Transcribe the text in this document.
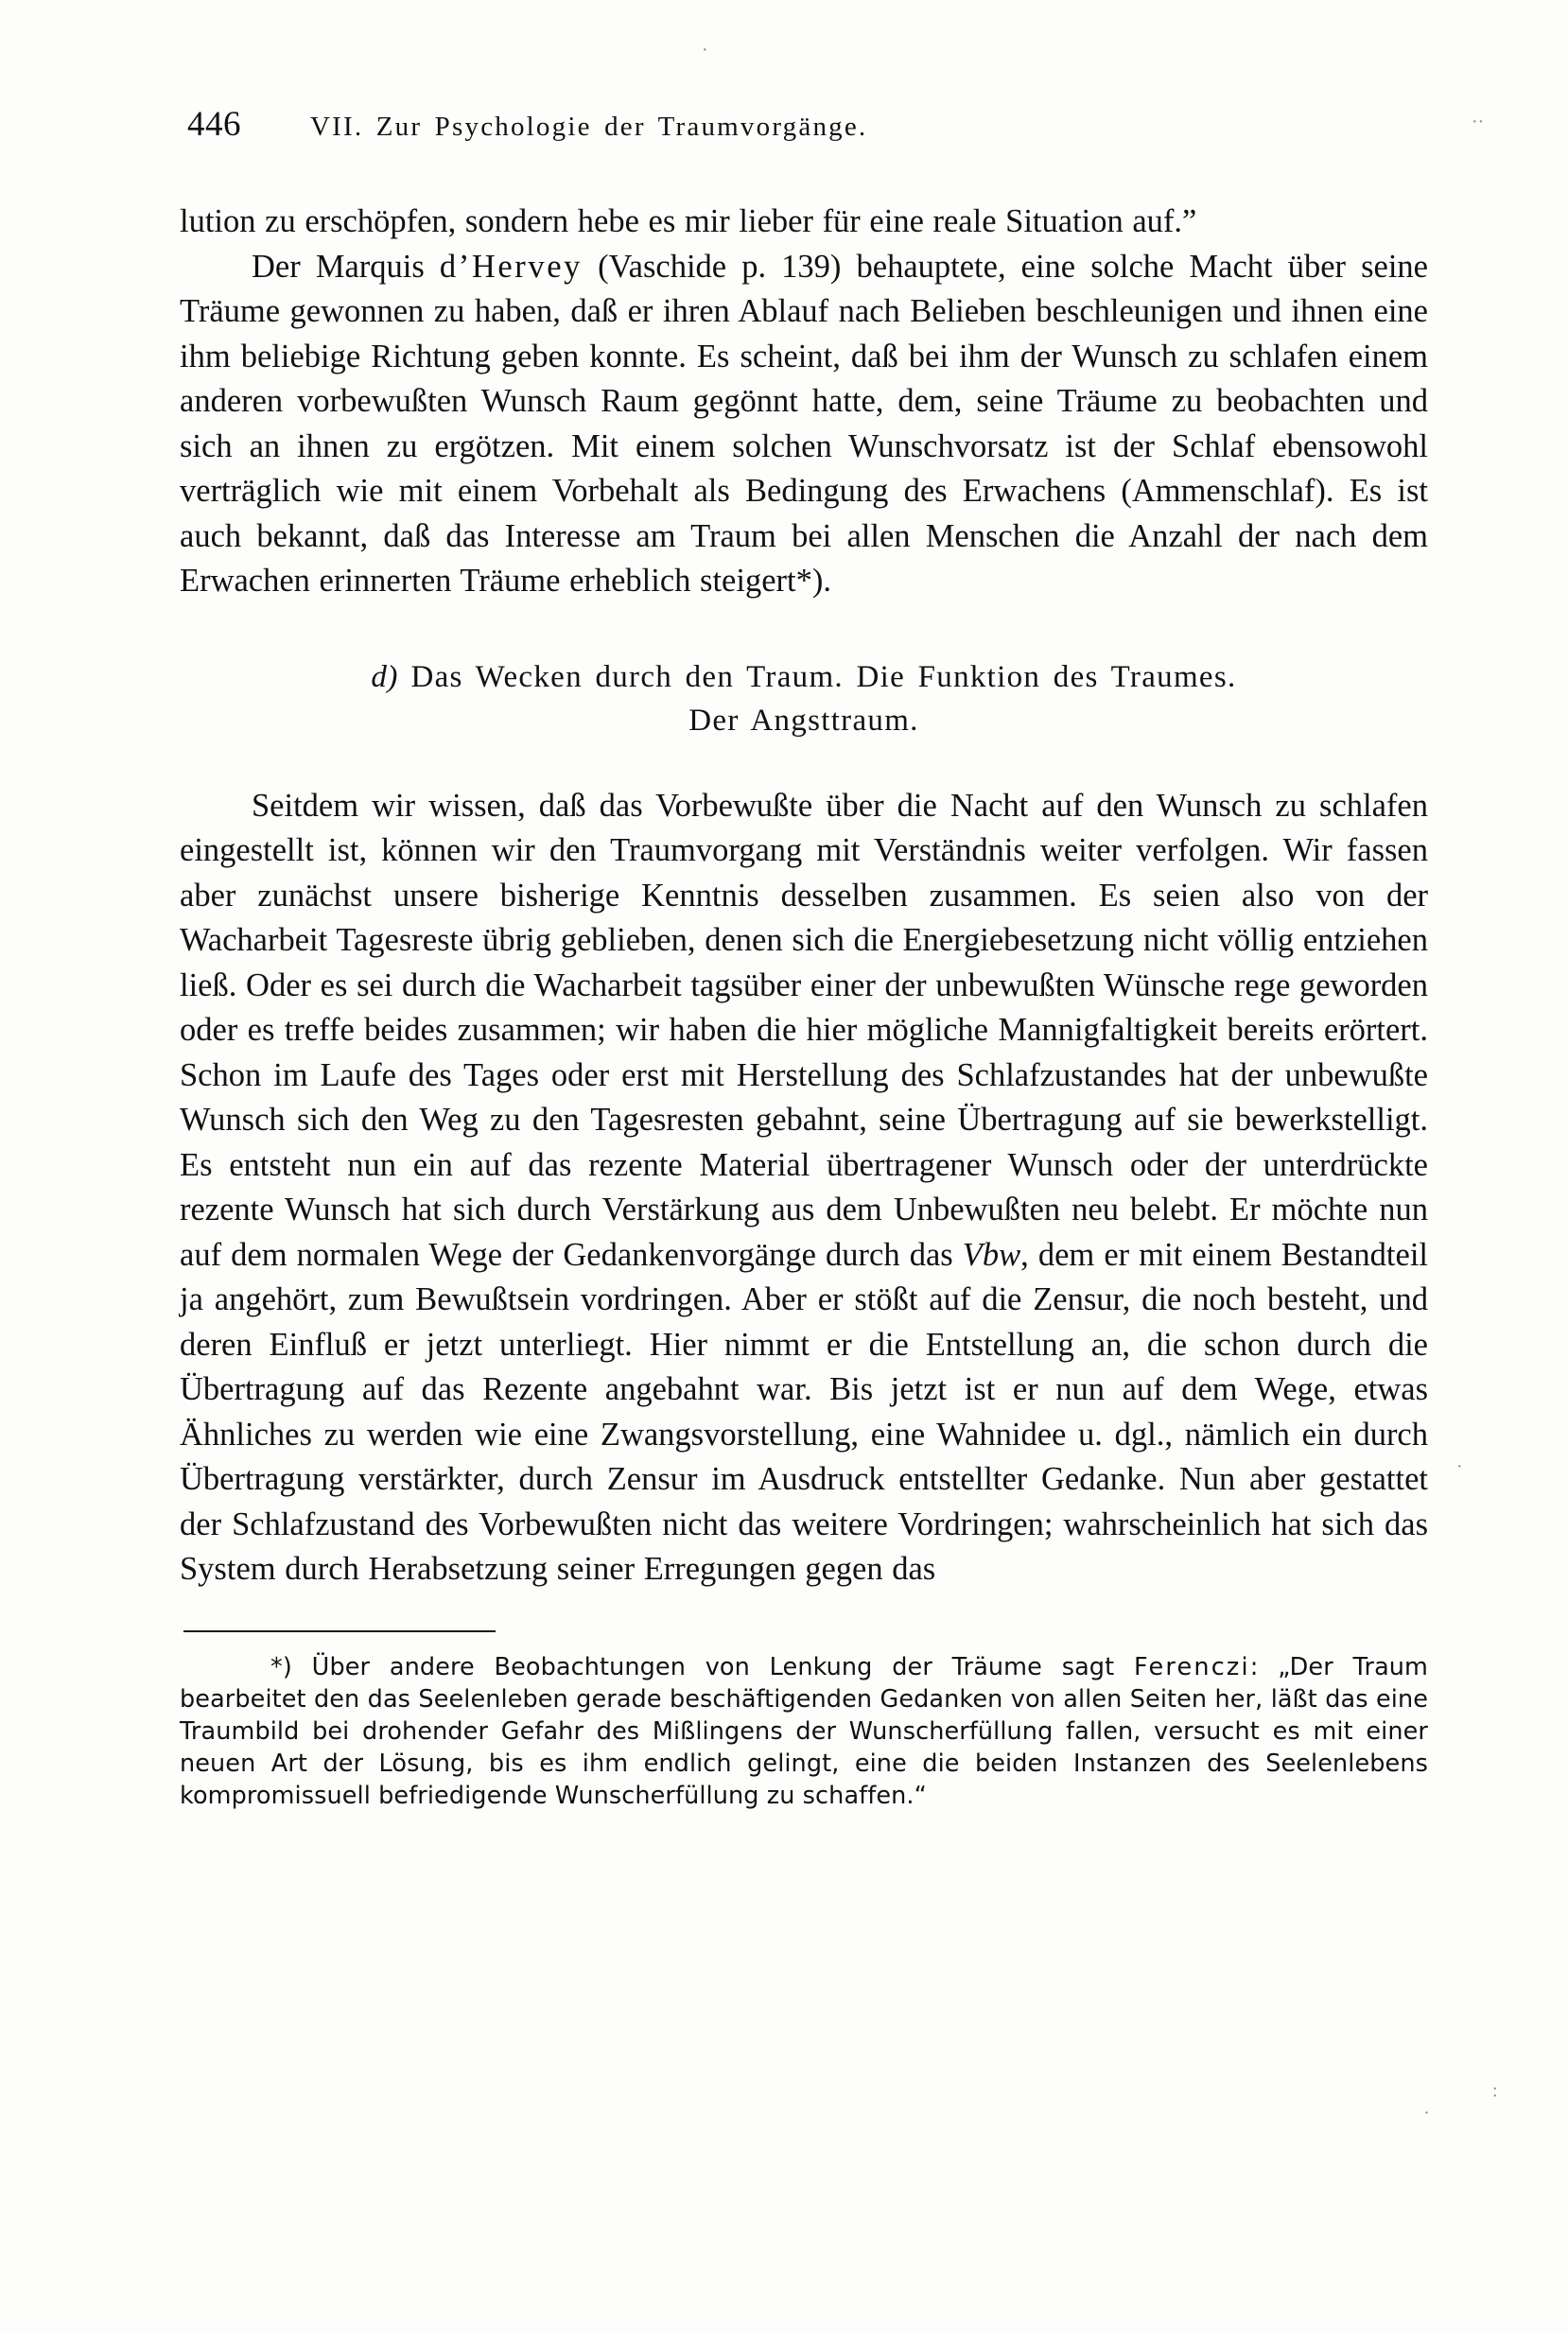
·
··
·
.
:
446	VII. Zur Psychologie der Traumvorgänge.

lution zu erschöpfen, sondern hebe es mir lieber für eine reale Situation auf.”

Der Marquis d’Hervey (Vaschide p. 139) behauptete, eine solche Macht über seine Träume gewonnen zu haben, daß er ihren Ablauf nach Belieben beschleunigen und ihnen eine ihm beliebige Richtung geben konnte. Es scheint, daß bei ihm der Wunsch zu schlafen einem anderen vorbewußten Wunsch Raum gegönnt hatte, dem, seine Träume zu beobachten und sich an ihnen zu ergötzen. Mit einem solchen Wunschvorsatz ist der Schlaf ebensowohl verträglich wie mit einem Vorbehalt als Bedingung des Erwachens (Ammenschlaf). Es ist auch bekannt, daß das Interesse am Traum bei allen Menschen die Anzahl der nach dem Erwachen erinnerten Träume erheblich steigert*).

d) Das Wecken durch den Traum. Die Funktion des Traumes.
Der Angsttraum.

Seitdem wir wissen, daß das Vorbewußte über die Nacht auf den Wunsch zu schlafen eingestellt ist, können wir den Traumvorgang mit Verständnis weiter verfolgen. Wir fassen aber zunächst unsere bisherige Kenntnis desselben zusammen. Es seien also von der Wacharbeit Tagesreste übrig geblieben, denen sich die Energiebesetzung nicht völlig entziehen ließ. Oder es sei durch die Wacharbeit tagsüber einer der unbewußten Wünsche rege geworden oder es treffe beides zusammen; wir haben die hier mögliche Mannigfaltigkeit bereits erörtert. Schon im Laufe des Tages oder erst mit Herstellung des Schlafzustandes hat der unbewußte Wunsch sich den Weg zu den Tagesresten gebahnt, seine Übertragung auf sie bewerkstelligt. Es entsteht nun ein auf das rezente Material übertragener Wunsch oder der unterdrückte rezente Wunsch hat sich durch Verstärkung aus dem Unbewußten neu belebt. Er möchte nun auf dem normalen Wege der Gedankenvorgänge durch das Vbw, dem er mit einem Bestandteil ja angehört, zum Bewußtsein vordringen. Aber er stößt auf die Zensur, die noch besteht, und deren Einfluß er jetzt unterliegt. Hier nimmt er die Entstellung an, die schon durch die Übertragung auf das Rezente angebahnt war. Bis jetzt ist er nun auf dem Wege, etwas Ähnliches zu werden wie eine Zwangsvorstellung, eine Wahnidee u. dgl., nämlich ein durch Übertragung verstärkter, durch Zensur im Ausdruck entstellter Gedanke. Nun aber gestattet der Schlafzustand des Vorbewußten nicht das weitere Vordringen; wahrscheinlich hat sich das System durch Herabsetzung seiner Erregungen gegen das

*) Über andere Beobachtungen von Lenkung der Träume sagt Ferenczi: „Der Traum bearbeitet den das Seelenleben gerade beschäftigenden Gedanken von allen Seiten her, läßt das eine Traumbild bei drohender Gefahr des Mißlingens der Wunscherfüllung fallen, versucht es mit einer neuen Art der Lösung, bis es ihm endlich gelingt, eine die beiden Instanzen des Seelenlebens kompromissuell befriedigende Wunscherfüllung zu schaffen.“
